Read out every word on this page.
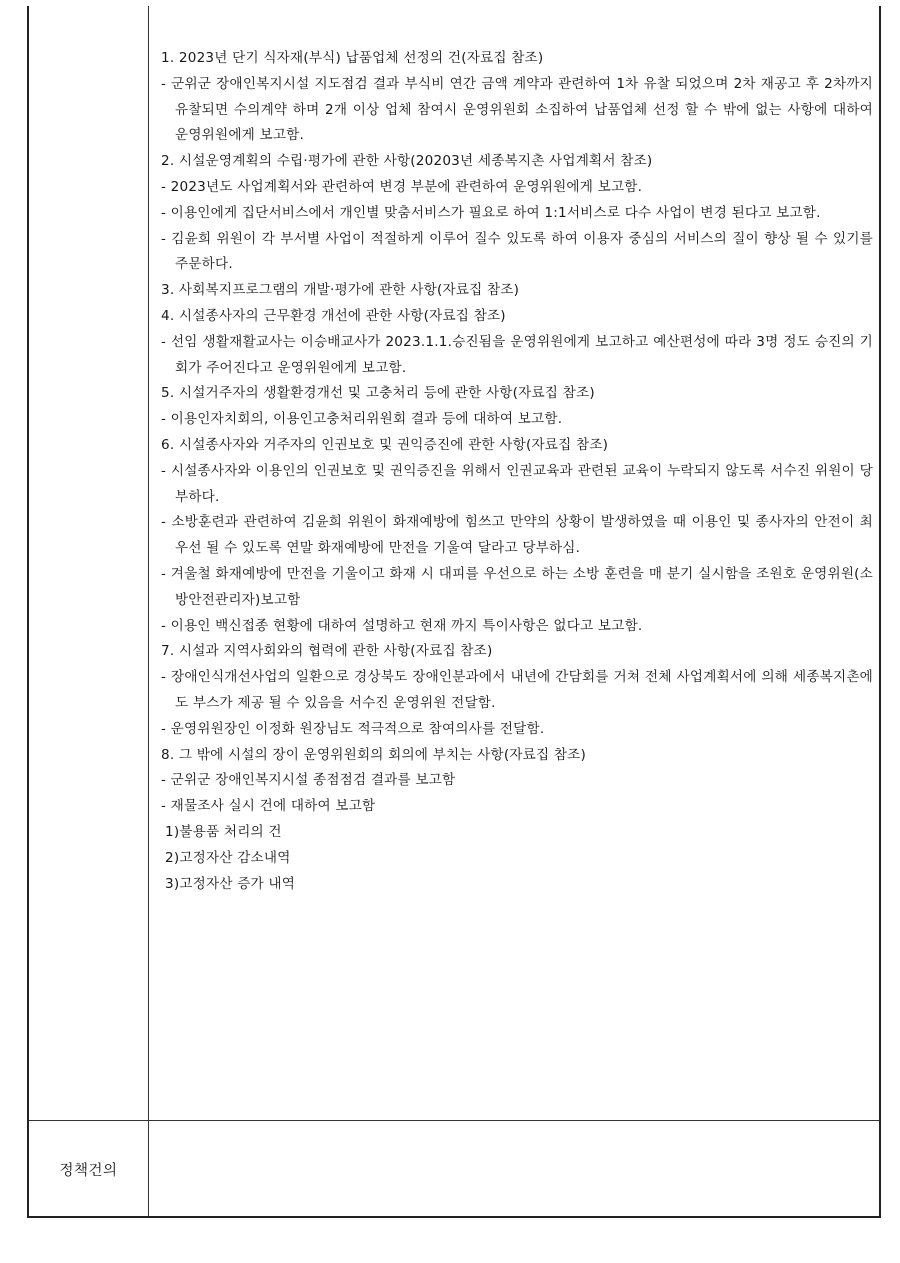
1. 2023년 단기 식자재(부식) 납품업체 선정의 건(자료집 참조)
- 군위군 장애인복지시설 지도점검 결과 부식비 연간 금액 계약과 관련하여 1차 유찰 되었으며 2차 재공고 후 2차까지 유찰되면 수의계약 하며 2개 이상 업체 참여시 운영위원회 소집하여 납품업체 선정 할 수 밖에 없는 사항에 대하여 운영위원에게 보고함.
2. 시설운영계획의 수립·평가에 관한 사항(20203년 세종복지촌 사업계획서 참조)
- 2023년도 사업계획서와 관련하여 변경 부분에 관련하여 운영위원에게 보고함.
- 이용인에게 집단서비스에서 개인별 맞춤서비스가 필요로 하여 1:1서비스로 다수 사업이 변경 된다고 보고함.
- 김윤희 위원이 각 부서별 사업이 적절하게 이루어 질수 있도록 하여 이용자 중심의 서비스의 질이 향상 될 수 있기를 주문하다.
3. 사회복지프로그램의 개발·평가에 관한 사항(자료집 참조)
4. 시설종사자의 근무환경 개선에 관한 사항(자료집 참조)
- 선임 생활재활교사는 이승배교사가 2023.1.1.승진됨을 운영위원에게 보고하고 예산편성에 따라 3명 정도 승진의 기회가 주어진다고 운영위원에게 보고함.
5. 시설거주자의 생활환경개선 및 고충처리 등에 관한 사항(자료집 참조)
- 이용인자치회의, 이용인고충처리위원회 결과 등에 대하여 보고함.
6. 시설종사자와 거주자의 인권보호 및 권익증진에 관한 사항(자료집 참조)
- 시설종사자와 이용인의 인권보호 및 권익증진을 위해서 인권교육과 관련된 교육이 누락되지 않도록 서수진 위원이 당부하다.
- 소방훈련과 관련하여 김윤희 위원이 화재예방에 힘쓰고 만약의 상황이 발생하였을 때 이용인 및 종사자의 안전이 최우선 될 수 있도록 연말 화재예방에 만전을 기울여 달라고 당부하심.
- 겨울철 화재예방에 만전을 기울이고 화재 시 대피를 우선으로 하는 소방 훈련을 매 분기 실시함을 조원호 운영위원(소방안전관리자)보고함
- 이용인 백신접종 현황에 대하여 설명하고 현재 까지 특이사항은 없다고 보고함.
7. 시설과 지역사회와의 협력에 관한 사항(자료집 참조)
- 장애인식개선사업의 일환으로 경상북도 장애인분과에서 내년에 간담회를 거쳐 전체 사업계획서에 의해 세종복지촌에도 부스가 제공 될 수 있음을 서수진 운영위원 전달함.
- 운영위원장인 이정화 원장님도 적극적으로 참여의사를 전달함.
8. 그 밖에 시설의 장이 운영위원회의 회의에 부치는 사항(자료집 참조)
- 군위군 장애인복지시설 종점점검 결과를 보고함
- 재물조사 실시 건에 대하여 보고함
1)불용품 처리의 건
2)고정자산 감소내역
3)고정자산 증가 내역
정책건의
